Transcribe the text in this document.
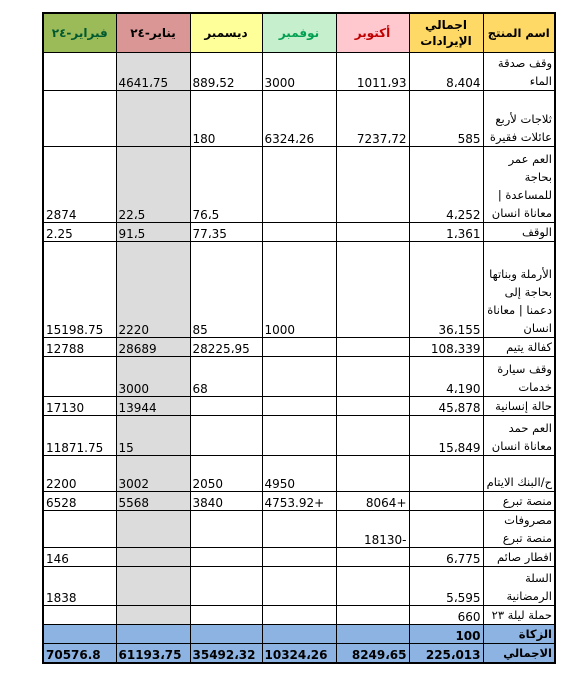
فبراير-٢٤	يناير-٢٤	ديسمبر	نوفمبر	أكتوبر	اجمالي الإيرادات	اسم المنتج
	4641،75	889،52	3000	1011،93	8،404	وقف صدقة الماء
		180	6324،26	7237،72	585	ثلاجات لأربع عائلات فقيرة
2874	22،5	76،5			4،252	العم عمر بحاجة للمساعدة | معاناة انسان
2.25	91،5	77،35			1،361	الوقف
15198.75	2220	85	1000		36،155	الأرملة وبناتها بحاجة إلى دعمنا | معاناة انسان
12788	28689	28225،95			108،339	كفالة يتيم
	3000	68			4،190	وقف سيارة خدمات
17130	13944				45،878	حالة إنسانية
11871.75	15				15،849	العم حمد معاناة انسان
2200	3002	2050	4950			ح/البنك الايتام
6528	5568	3840	4753.92+	8064+		منصة تبرع
				18130-		مصروفات منصة تبرع
146					6،775	افطار صائم
1838					5،595	السلة الرمضانية
					660	حملة ليلة ٢٣
					100	الزكاة
70576.8	61193،75	35492،32	10324،26	8249،65	225،013	الاجمالي
